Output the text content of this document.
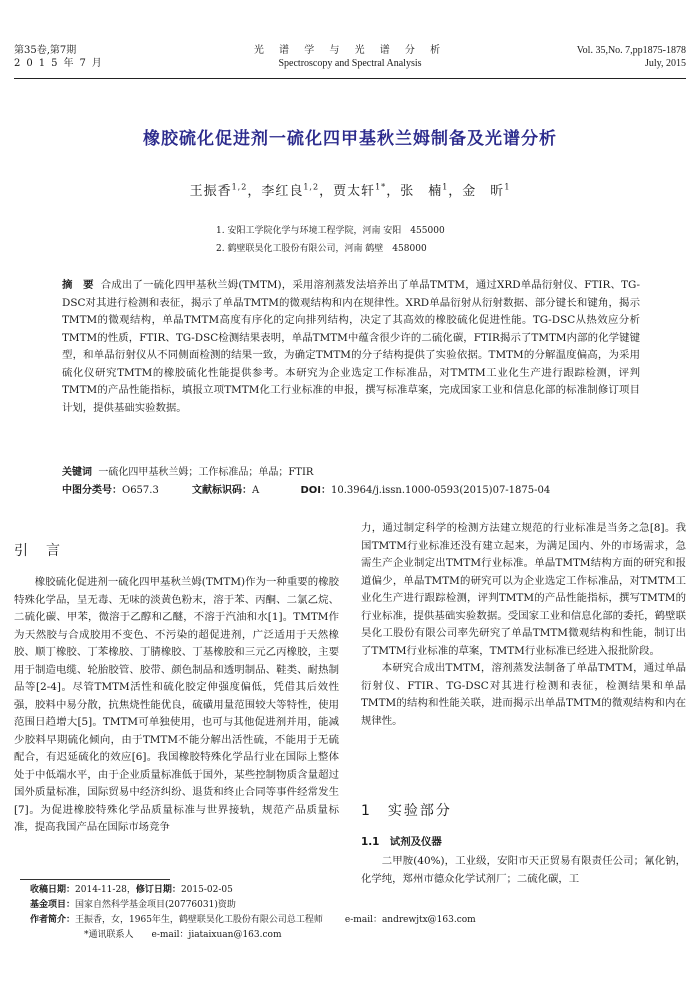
第35卷,第7期
2015年7月
光 谱 学 与 光 谱 分 析
Spectroscopy and Spectral Analysis
Vol. 35,No. 7,pp1875-1878
July, 2015
橡胶硫化促进剂一硫化四甲基秋兰姆制备及光谱分析
王振香$^{1,2}$，李红良$^{1,2}$，贾太轩$^{1*}$，张　楠$^1$，金　昕$^1$
1. 安阳工学院化学与环境工程学院，河南 安阳　455000
2. 鹤壁联昊化工股份有限公司，河南 鹤壁　458000
摘　要 合成出了一硫化四甲基秋兰姆(TMTM)，采用溶剂蒸发法培养出了单晶TMTM，通过XRD单晶衍射仪、FTIR、TG-DSC对其进行检测和表征，揭示了单晶TMTM的微观结构和内在规律性。XRD单晶衍射从衍射数据、部分键长和键角，揭示TMTM的微观结构，单晶TMTM高度有序化的定向排列结构，决定了其高效的橡胶硫化促进性能。TG-DSC从热效应分析TMTM的性质，FTIR、TG-DSC检测结果表明，单晶TMTM中蕴含很少许的二硫化碳，FTIR揭示了TMTM内部的化学键键型，和单晶衍射仪从不同侧面检测的结果一致，为确定TMTM的分子结构提供了实验依据。TMTM的分解温度偏高，为采用硫化仪研究TMTM的橡胶硫化性能提供参考。本研究为企业选定工作标准品，对TMTM工业化生产进行跟踪检测，评判TMTM的产品性能指标，填报立项TMTM化工行业标准的申报，撰写标准草案，完成国家工业和信息化部的标准制修订项目计划，提供基础实验数据。
关键词 一硫化四甲基秋兰姆；工作标准品；单晶；FTIR
中图分类号：O657.3	文献标识码：A	DOI：10.3964/j.issn.1000-0593(2015)07-1875-04
引　言

橡胶硫化促进剂一硫化四甲基秋兰姆(TMTM)作为一种重要的橡胶特殊化学品，呈无毒、无味的淡黄色粉末，溶于苯、丙酮、二氯乙烷、二硫化碳、甲苯，微溶于乙醇和乙醚，不溶于汽油和水[1]。TMTM作为天然胶与合成胶用不变色、不污染的超促进剂，广泛适用于天然橡胶、顺丁橡胶、丁苯橡胶、丁腈橡胶、丁基橡胶和三元乙丙橡胶，主要用于制造电缆、轮胎胶管、胶带、颜色制品和透明制品、鞋类、耐热制品等[2-4]。尽管TMTM活性和硫化胶定伸强度偏低，凭借其后效性强，胶料中易分散，抗焦烧性能优良，硫磺用量范围较大等特性，使用范围日趋增大[5]。TMTM可单独使用，也可与其他促进剂并用，能减少胶料早期硫化倾向，由于TMTM不能分解出活性硫，不能用于无硫配合，有迟延硫化的效应[6]。我国橡胶特殊化学品行业在国际上整体处于中低端水平，由于企业质量标准低于国外，某些控制物质含量超过国外质量标准，国际贸易中经济纠纷、退货和终止合同等事件经常发生[7]。为促进橡胶特殊化学品质量标准与世界接轨，规范产品质量标准，提高我国产品在国际市场竞争

力，通过制定科学的检测方法建立规范的行业标准是当务之急[8]。我国TMTM行业标准还没有建立起来，为满足国内、外的市场需求，急需生产企业制定出TMTM行业标准。单晶TMTM结构方面的研究和报道偏少，单晶TMTM的研究可以为企业选定工作标准品，对TMTM工业化生产进行跟踪检测，评判TMTM的产品性能指标，撰写TMTM的行业标准，提供基础实验数据。受国家工业和信息化部的委托，鹤壁联昊化工股份有限公司率先研究了单晶TMTM微观结构和性能，制订出了TMTM行业标准的草案，TMTM行业标准已经进入报批阶段。

本研究合成出TMTM，溶剂蒸发法制备了单晶TMTM，通过单晶衍射仪、FTIR、TG-DSC对其进行检测和表征，检测结果和单晶TMTM的结构和性能关联，进而揭示出单晶TMTM的微观结构和内在规律性。

1　实验部分
1.1　试剂及仪器

二甲胺(40%)，工业级，安阳市天正贸易有限责任公司；氰化钠，化学纯，郑州市德众化学试剂厂；二硫化碳，工

收稿日期：2014-11-28，修订日期：2015-02-05
基金项目：国家自然科学基金项目(20776031)资助
作者简介：王振香，女，1965年生，鹤壁联昊化工股份有限公司总工程师 e-mail：andrewjtx@163.com
*通讯联系人　　e-mail：jiataixuan@163.com
